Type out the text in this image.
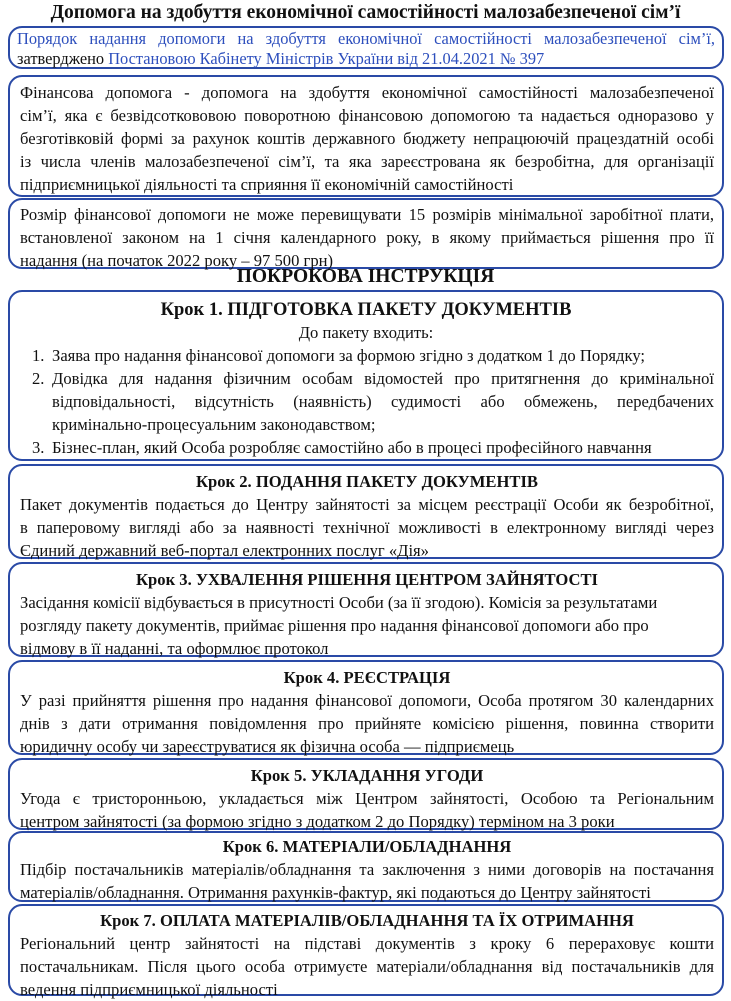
Допомога на здобуття економічної самостійності малозабезпеченої сім’ї
Порядок надання допомоги на здобуття економічної самостійності малозабезпеченої сім’ї,
затверджено Постановою Кабінету Міністрів України від 21.04.2021 № 397
Фінансова допомога - допомога на здобуття економічної самостійності малозабезпеченої
сім’ї, яка є безвідсоткововою поворотною фінансовою допомогою та надається одноразово у
безготівковій формі за рахунок коштів державного бюджету непрацюючій працездатній особі
із числа членів малозабезпеченої сім’ї, та яка зареєстрована як безробітна, для організації
підприємницької діяльності та сприяння її економічній самостійності
Розмір фінансової допомоги не може перевищувати 15 розмірів мінімальної заробітної плати,
встановленої законом на 1 січня календарного року, в якому приймається рішення про її
надання (на початок 2022 року – 97 500 грн)
ПОКРОКОВА ІНСТРУКЦІЯ
Крок 1. ПІДГОТОВКА ПАКЕТУ ДОКУМЕНТІВ
До пакету входить:
1. Заява про надання фінансової допомоги за формою згідно з додатком 1 до Порядку;
2. Довідка для надання фізичним особам відомостей про притягнення до кримінальної
відповідальності, відсутність (наявність) судимості або обмежень, передбачених
кримінально-процесуальним законодавством;
3. Бізнес-план, який Особа розробляє самостійно або в процесі професійного навчання
Крок 2. ПОДАННЯ ПАКЕТУ ДОКУМЕНТІВ
Пакет документів подається до Центру зайнятості за місцем реєстрації Особи як безробітної,
в паперовому вигляді або за наявності технічної можливості в електронному вигляді через
Єдиний державний веб-портал електронних послуг «Дія»
Крок 3. УХВАЛЕННЯ РІШЕННЯ ЦЕНТРОМ ЗАЙНЯТОСТІ
Засідання комісії відбувається в присутності Особи (за її згодою). Комісія за результатами
розгляду пакету документів, приймає рішення про надання фінансової допомоги або про
відмову в її наданні, та оформлює протокол
Крок 4. РЕЄСТРАЦІЯ
У разі прийняття рішення про надання фінансової допомоги, Особа протягом 30 календарних
днів з дати отримання повідомлення про прийняте комісією рішення, повинна створити
юридичну особу чи зареєструватися як фізична особа — підприємець
Крок 5. УКЛАДАННЯ УГОДИ
Угода є тристоронньою, укладається між Центром зайнятості, Особою та Регіональним
центром зайнятості (за формою згідно з додатком 2 до Порядку) терміном на 3 роки
Крок 6. МАТЕРІАЛИ/ОБЛАДНАННЯ
Підбір постачальників матеріалів/обладнання та заключення з ними договорів на постачання
матеріалів/обладнання. Отримання рахунків-фактур, які подаються до Центру зайнятості
Крок 7. ОПЛАТА МАТЕРІАЛІВ/ОБЛАДНАННЯ ТА ЇХ ОТРИМАННЯ
Регіональний центр зайнятості на підставі документів з кроку 6 перераховує кошти
постачальникам. Після цього особа отримуєте матеріали/обладнання від постачальників для
ведення підприємницької діяльності
